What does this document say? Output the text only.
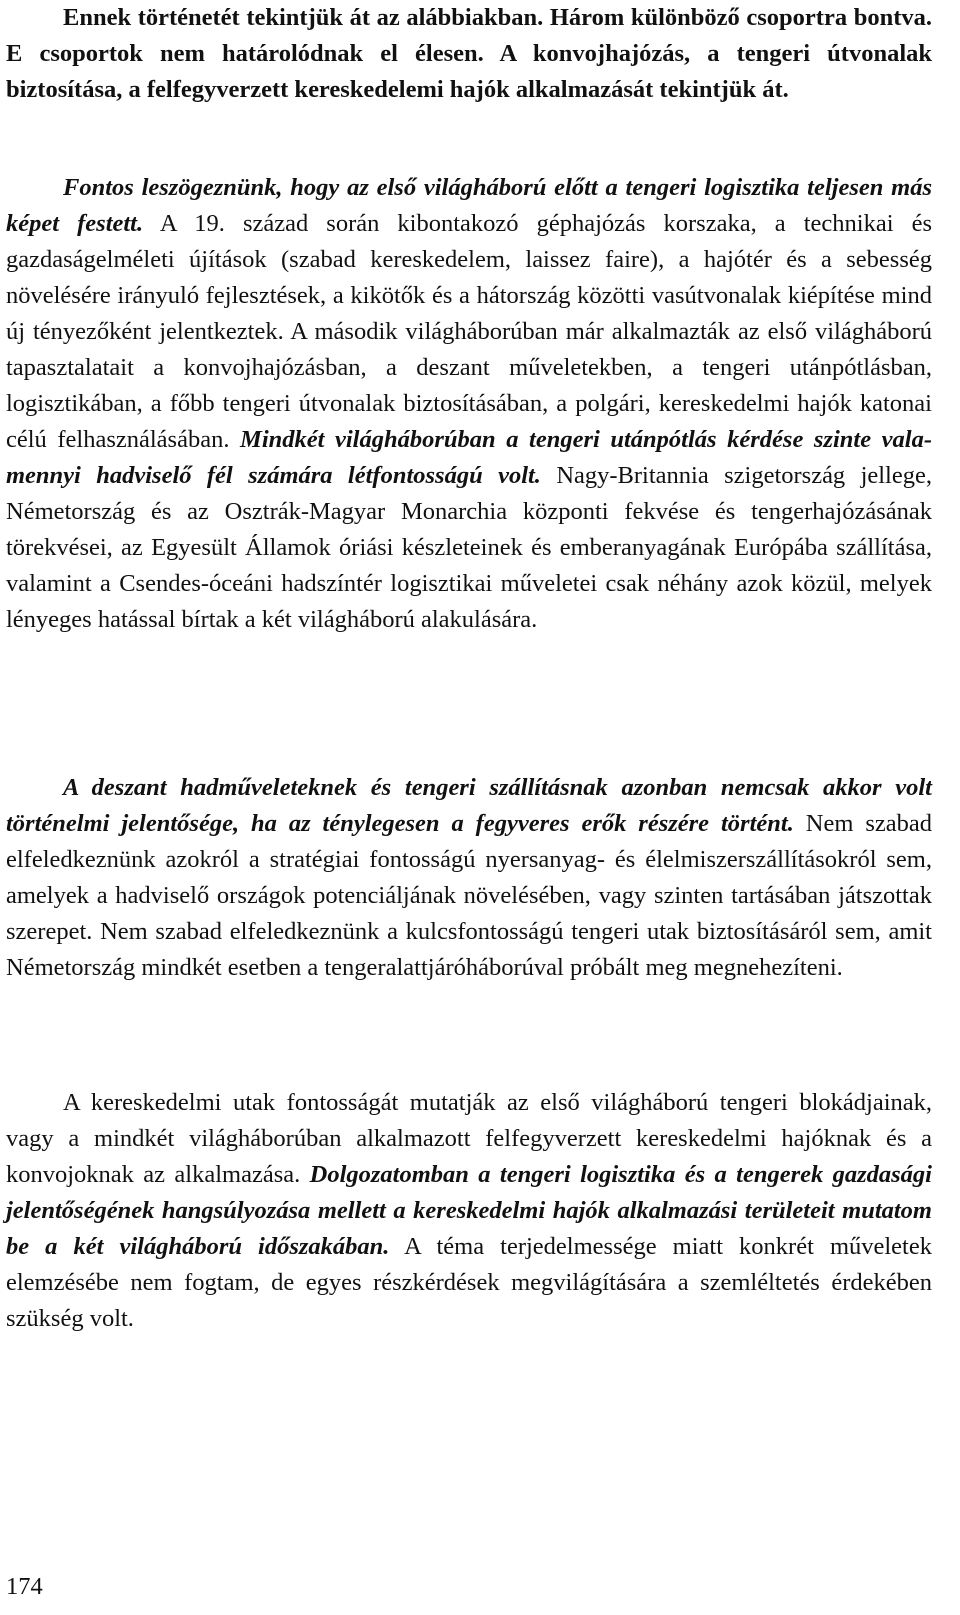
Ennek történetét tekintjük át az alábbiakban. Három különböző csoportra bontva. E csoportok nem határolódnak el élesen. A konvojhajózás, a tengeri útvonalak biztosítása, a felfegyverzett kereskedelemi hajók alkalmazását tekintjük át.

Fontos leszögeznünk, hogy az első világháború előtt a tengeri logisztika teljesen más képet festett. A 19. század során kibontakozó géphajózás korszaka, a technikai és gazdaságelméleti újítások (szabad kereskedelem, laissez faire), a hajótér és a sebesség növelésére irányuló fejlesztések, a kikötők és a hátország közötti vasútvonalak kiépítése mind új tényezőként jelentkeztek. A második világháborúban már alkalmazták az első világháború tapasztalatait a konvojhajózásban, a deszant műveletekben, a tengeri utánpótlásban, logisztikában, a főbb tengeri útvonalak biztosításában, a polgári, kereskedelmi hajók katonai célú felhasználásában. Mindkét világháborúban a tengeri utánpótlás kérdése szinte valamennyi hadviselő fél számára létfontosságú volt. Nagy-Britannia szigetország jellege, Németország és az Osztrák-Magyar Monarchia központi fekvése és tengerhajózásának törekvései, az Egyesült Államok óriási készleteinek és emberanyagának Európába szállítása, valamint a Csendes-óceáni hadszíntér logisztikai műveletei csak néhány azok közül, melyek lényeges hatással bírtak a két világháború alakulására.

A deszant hadműveleteknek és tengeri szállításnak azonban nemcsak akkor volt történelmi jelentősége, ha az ténylegesen a fegyveres erők részére történt. Nem szabad elfeledkeznünk azokról a stratégiai fontosságú nyersanyag- és élelmiszerszállításokról sem, amelyek a hadviselő országok potenciáljának növelésében, vagy szinten tartásában játszottak szerepet. Nem szabad elfeledkeznünk a kulcsfontosságú tengeri utak biztosításáról sem, amit Németország mindkét esetben a tengeralattjáróháborúval próbált meg megnehezíteni.

A kereskedelmi utak fontosságát mutatják az első világháború tengeri blokádjainak, vagy a mindkét világháborúban alkalmazott felfegyverzett kereskedelmi hajóknak és a konvojoknak az alkalmazása. Dolgozatomban a tengeri logisztika és a tengerek gazdasági jelentőségének hangsúlyozása mellett a kereskedelmi hajók alkalmazási területeit mutatom be a két világháború időszakában. A téma terjedelmessége miatt konkrét műveletek elemzésébe nem fogtam, de egyes részkérdések megvilágítására a szemléltetés érdekében szükség volt.

174
